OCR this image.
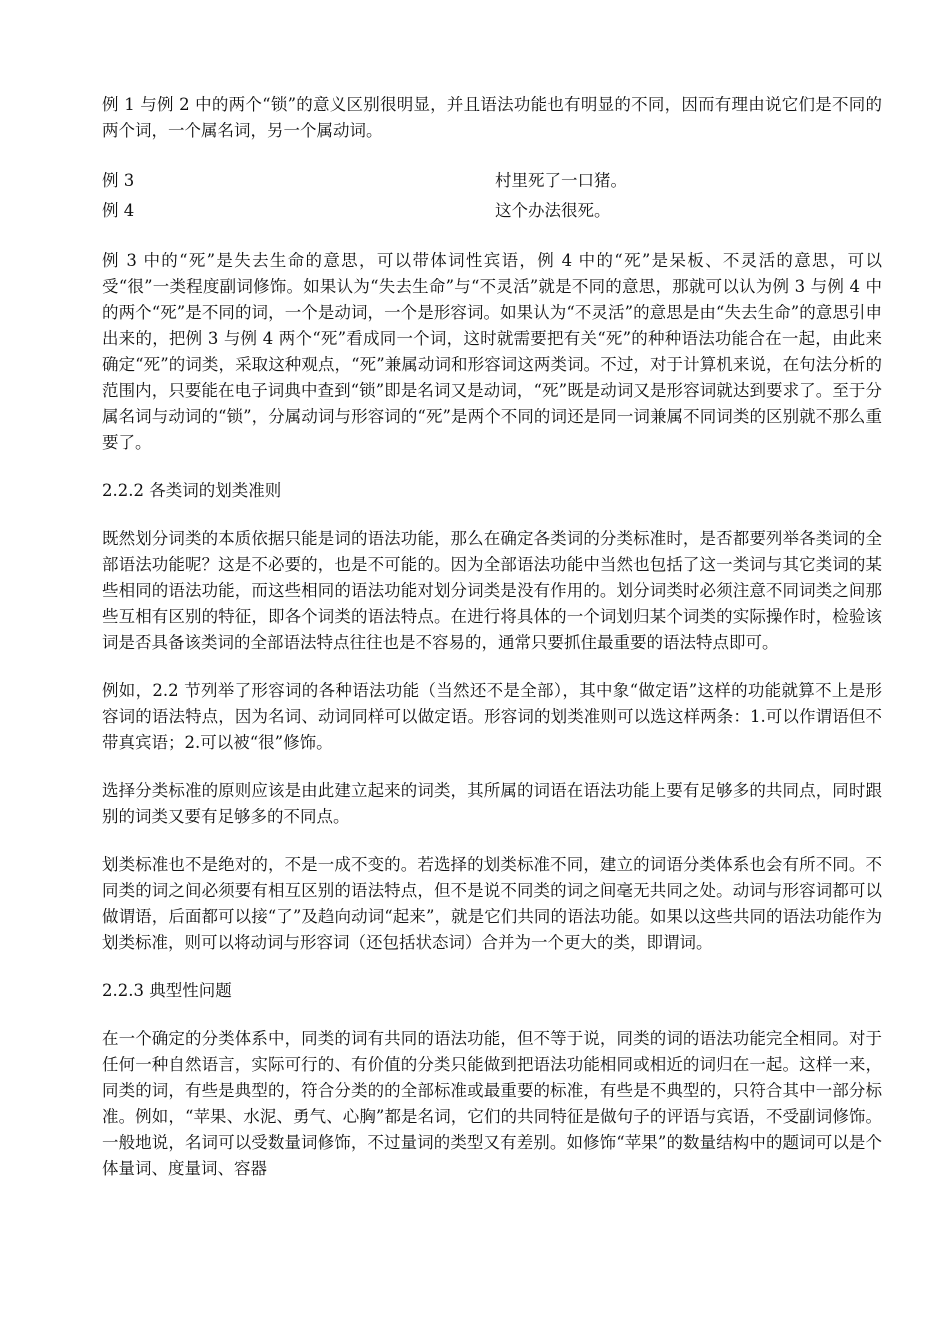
例 1 与例 2 中的两个“锁”的意义区别很明显，并且语法功能也有明显的不同，因而有理由说它们是不同的两个词，一个属名词，另一个属动词。

例 3	村里死了一口猪。
例 4	这个办法很死。

例 3 中的“死”是失去生命的意思，可以带体词性宾语，例 4 中的“死”是呆板、不灵活的意思，可以受“很”一类程度副词修饰。如果认为“失去生命”与“不灵活”就是不同的意思，那就可以认为例 3 与例 4 中的两个“死”是不同的词，一个是动词，一个是形容词。如果认为“不灵活”的意思是由“失去生命”的意思引申出来的，把例 3 与例 4 两个“死”看成同一个词，这时就需要把有关“死”的种种语法功能合在一起，由此来确定“死”的词类，采取这种观点，“死”兼属动词和形容词这两类词。不过，对于计算机来说，在句法分析的范围内，只要能在电子词典中查到“锁”即是名词又是动词，“死”既是动词又是形容词就达到要求了。至于分属名词与动词的“锁”，分属动词与形容词的“死”是两个不同的词还是同一词兼属不同词类的区别就不那么重要了。

2.2.2 各类词的划类准则

既然划分词类的本质依据只能是词的语法功能，那么在确定各类词的分类标准时，是否都要列举各类词的全部语法功能呢？这是不必要的，也是不可能的。因为全部语法功能中当然也包括了这一类词与其它类词的某些相同的语法功能，而这些相同的语法功能对划分词类是没有作用的。划分词类时必须注意不同词类之间那些互相有区别的特征，即各个词类的语法特点。在进行将具体的一个词划归某个词类的实际操作时，检验该词是否具备该类词的全部语法特点往往也是不容易的，通常只要抓住最重要的语法特点即可。

例如，2.2 节列举了形容词的各种语法功能（当然还不是全部），其中象“做定语”这样的功能就算不上是形容词的语法特点，因为名词、动词同样可以做定语。形容词的划类准则可以选这样两条：1.可以作谓语但不带真宾语；2.可以被“很”修饰。

选择分类标准的原则应该是由此建立起来的词类，其所属的词语在语法功能上要有足够多的共同点，同时跟别的词类又要有足够多的不同点。

划类标准也不是绝对的，不是一成不变的。若选择的划类标准不同，建立的词语分类体系也会有所不同。不同类的词之间必须要有相互区别的语法特点，但不是说不同类的词之间毫无共同之处。动词与形容词都可以做谓语，后面都可以接“了”及趋向动词“起来”，就是它们共同的语法功能。如果以这些共同的语法功能作为划类标准，则可以将动词与形容词（还包括状态词）合并为一个更大的类，即谓词。

2.2.3 典型性问题

在一个确定的分类体系中，同类的词有共同的语法功能，但不等于说，同类的词的语法功能完全相同。对于任何一种自然语言，实际可行的、有价值的分类只能做到把语法功能相同或相近的词归在一起。这样一来，同类的词，有些是典型的，符合分类的的全部标准或最重要的标准，有些是不典型的，只符合其中一部分标准。例如，“苹果、水泥、勇气、心胸”都是名词，它们的共同特征是做句子的评语与宾语，不受副词修饰。一般地说，名词可以受数量词修饰，不过量词的类型又有差别。如修饰“苹果”的数量结构中的题词可以是个体量词、度量词、容器
